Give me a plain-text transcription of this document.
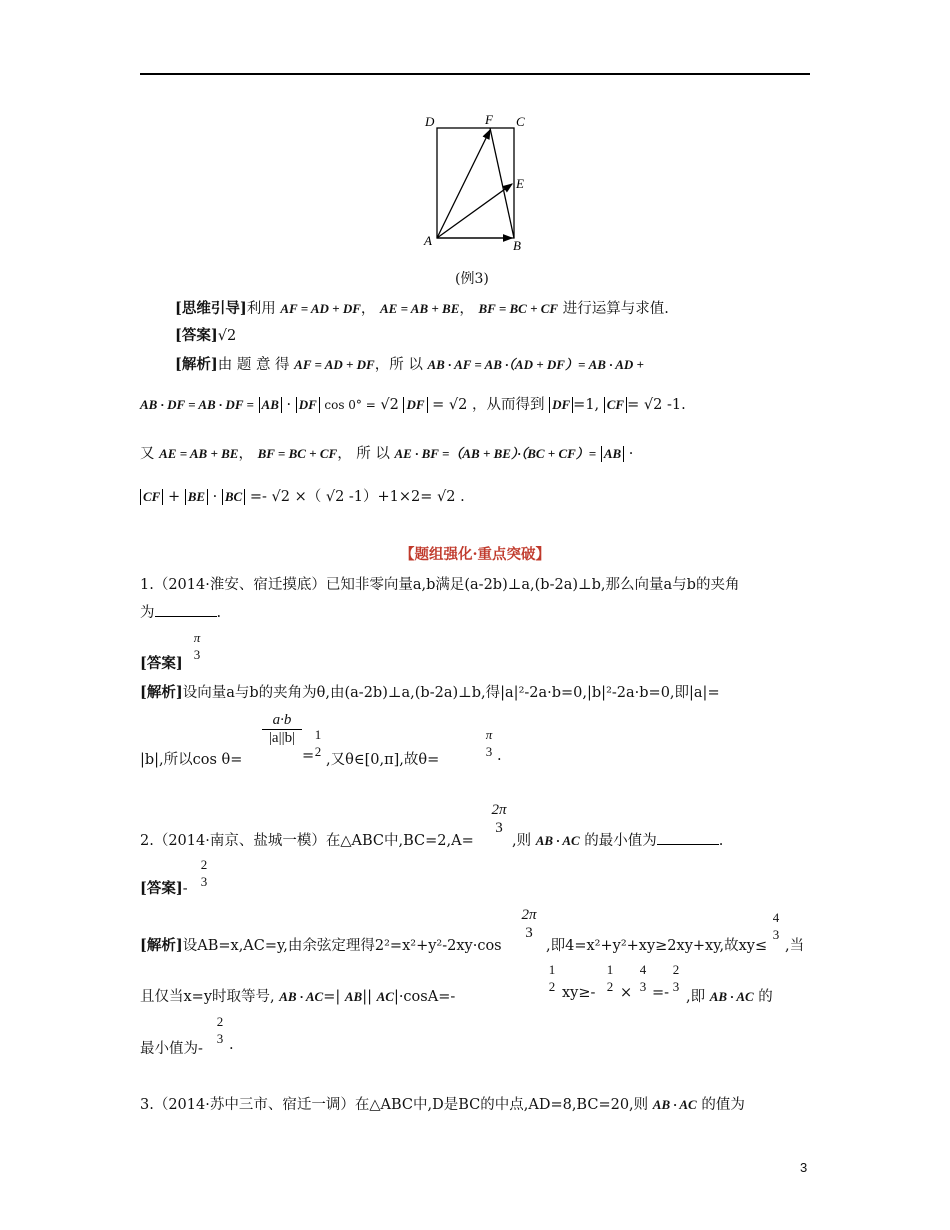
D	F C
E
A	B
(例3)
[思维引导]利用 AF = AD + DF， AE = AB + BE， BF = BC + CF 进行运算与求值.
[答案]√2
[解析]由 题 意 得 AF = AD + DF，所 以 AB · AF = AB ·（AD + DF）= AB · AD +
AB · DF = AB · DF = AB · DF cos 0° = √2 DF = √2 ，从而得到 DF =1, CF = √2 -1.
又 AE = AB + BE， BF = BC + CF， 所 以 AE · BF =（AB + BE）·（BC + CF）= AB ·
CF + BE · BC =- √2 ×（ √2 -1）+1×2= √2 .
【题组强化·重点突破】
1.（2014·淮安、宿迁摸底）已知非零向量a,b满足(a-2b)⊥a,(b-2a)⊥b,那么向量a与b的夹角
为	.
[答案]
π
3
[解析]设向量a与b的夹角为θ,由(a-2b)⊥a,(b-2a)⊥b,得|a|²-2a·b=0,|b|²-2a·b=0,即|a|=
|b|,所以cos θ=
$\frac{a\cdot b}{|a||b|}$
=
1
2
,又θ∈[0,π],故θ=
π
3 .
2.（2014·南京、盐城一模）在△ABC中,BC=2,A=
2π
3
,则 AB · AC 的最小值为	.
[答案]-
2
3
[解析]设AB=x,AC=y,由余弦定理得2²=x²+y²-2xy·cos
2π
3
,即4=x²+y²+xy≥2xy+xy,故xy≤
4
3
,当
且仅当x=y时取等号, AB · AC=| AB|| AC|·cosA=-
1
2 xy≥-
1
2 ×
4
3 =-
2
3
,即 AB · AC 的
最小值为-
2
3 .
3.（2014·苏中三市、宿迁一调）在△ABC中,D是BC的中点,AD=8,BC=20,则 AB · AC 的值为
3
